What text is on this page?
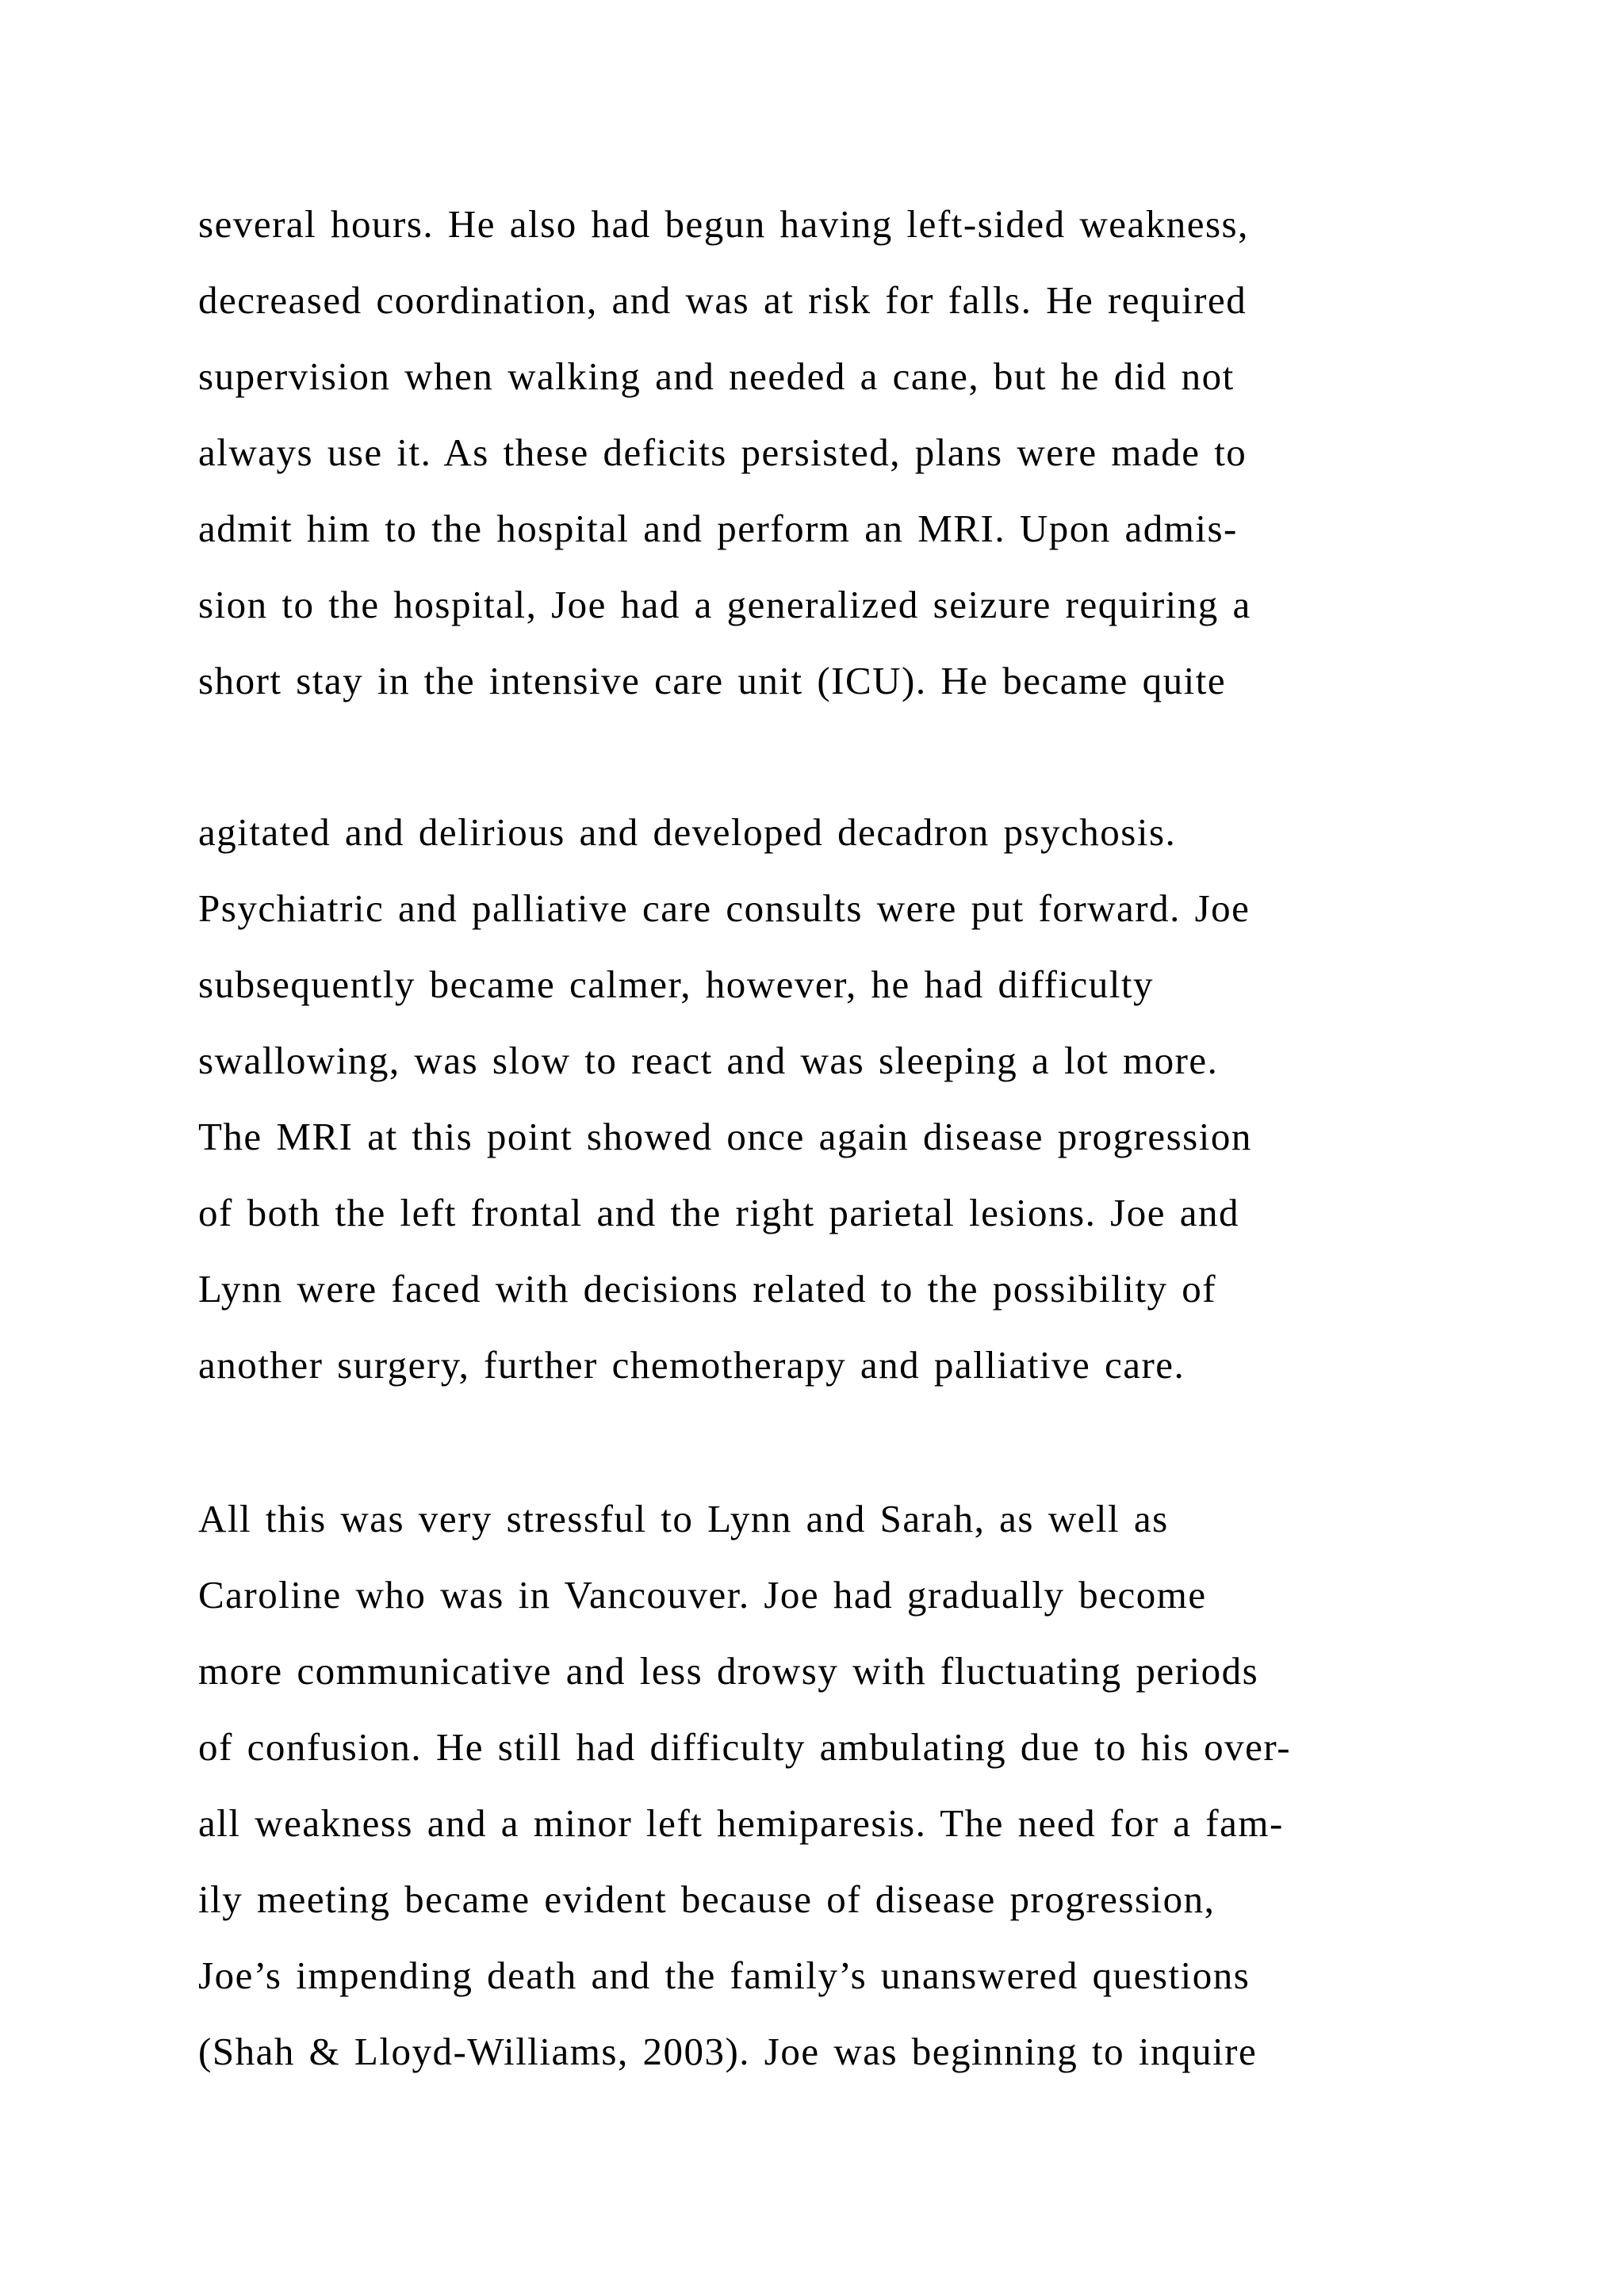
several hours. He also had begun having left-sided weakness,
decreased coordination, and was at risk for falls. He required
supervision when walking and needed a cane, but he did not
always use it. As these deficits persisted, plans were made to
admit him to the hospital and perform an MRI. Upon admis-
sion to the hospital, Joe had a generalized seizure requiring a
short stay in the intensive care unit (ICU). He became quite
agitated and delirious and developed decadron psychosis.
Psychiatric and palliative care consults were put forward. Joe
subsequently became calmer, however, he had difficulty
swallowing, was slow to react and was sleeping a lot more.
The MRI at this point showed once again disease progression
of both the left frontal and the right parietal lesions. Joe and
Lynn were faced with decisions related to the possibility of
another surgery, further chemotherapy and palliative care.
All this was very stressful to Lynn and Sarah, as well as
Caroline who was in Vancouver. Joe had gradually become
more communicative and less drowsy with fluctuating periods
of confusion. He still had difficulty ambulating due to his over-
all weakness and a minor left hemiparesis. The need for a fam-
ily meeting became evident because of disease progression,
Joe’s impending death and the family’s unanswered questions
(Shah & Lloyd-Williams, 2003). Joe was beginning to inquire
